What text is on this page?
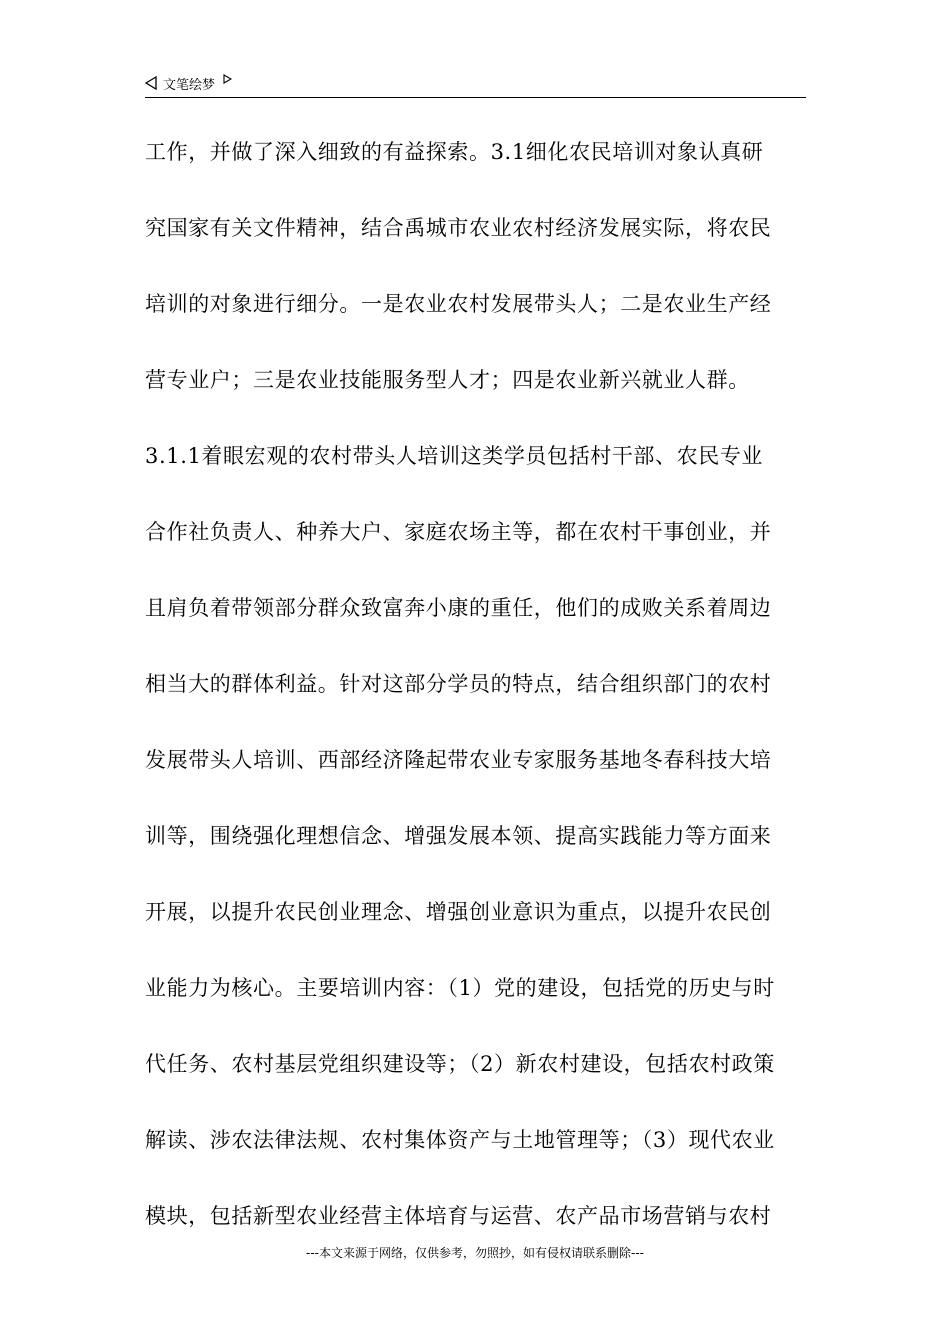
文笔绘梦
工作，并做了深入细致的有益探索。3.1细化农民培训对象认真研
究国家有关文件精神，结合禹城市农业农村经济发展实际，将农民
培训的对象进行细分。一是农业农村发展带头人；二是农业生产经
营专业户；三是农业技能服务型人才；四是农业新兴就业人群。
3.1.1着眼宏观的农村带头人培训这类学员包括村干部、农民专业
合作社负责人、种养大户、家庭农场主等，都在农村干事创业，并
且肩负着带领部分群众致富奔小康的重任，他们的成败关系着周边
相当大的群体利益。针对这部分学员的特点，结合组织部门的农村
发展带头人培训、西部经济隆起带农业专家服务基地冬春科技大培
训等，围绕强化理想信念、增强发展本领、提高实践能力等方面来
开展，以提升农民创业理念、增强创业意识为重点，以提升农民创
业能力为核心。主要培训内容：（1）党的建设，包括党的历史与时
代任务、农村基层党组织建设等；（2）新农村建设，包括农村政策
解读、涉农法律法规、农村集体资产与土地管理等；（3）现代农业
模块，包括新型农业经营主体培育与运营、农产品市场营销与农村
---本文来源于网络，仅供参考，勿照抄，如有侵权请联系删除---
